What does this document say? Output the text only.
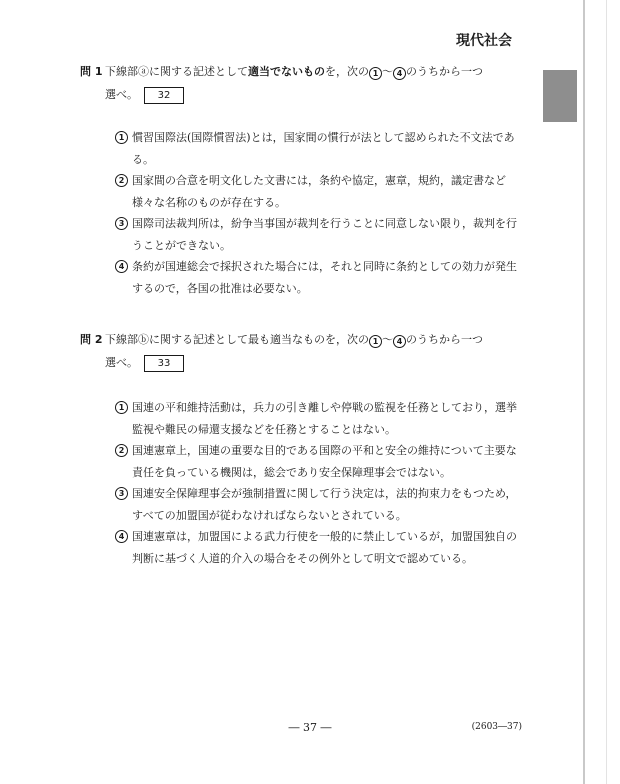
現代社会
問 1 下線部ⓐに関する記述として適当でないものを，次の 1 〜 4 のうちから一つ
選べ。 32
1 慣習国際法(国際慣習法)とは，国家間の慣行が法として認められた不文法である。
2 国家間の合意を明文化した文書には，条約や協定，憲章，規約，議定書など様々な名称のものが存在する。
3 国際司法裁判所は，紛争当事国が裁判を行うことに同意しない限り，裁判を行うことができない。
4 条約が国連総会で採択された場合には，それと同時に条約としての効力が発生するので，各国の批准は必要ない。
問 2 下線部ⓑに関する記述として最も適当なものを，次の 1 〜 4 のうちから一つ
選べ。 33
1 国連の平和維持活動は，兵力の引き離しや停戦の監視を任務としており，選挙監視や難民の帰還支援などを任務とすることはない。
2 国連憲章上，国連の重要な目的である国際の平和と安全の維持について主要な責任を負っている機関は，総会であり安全保障理事会ではない。
3 国連安全保障理事会が強制措置に関して行う決定は，法的拘束力をもつため，すべての加盟国が従わなければならないとされている。
4 国連憲章は，加盟国による武力行使を一般的に禁止しているが，加盟国独自の判断に基づく人道的介入の場合をその例外として明文で認めている。
― 37 ―	(2603―37)
